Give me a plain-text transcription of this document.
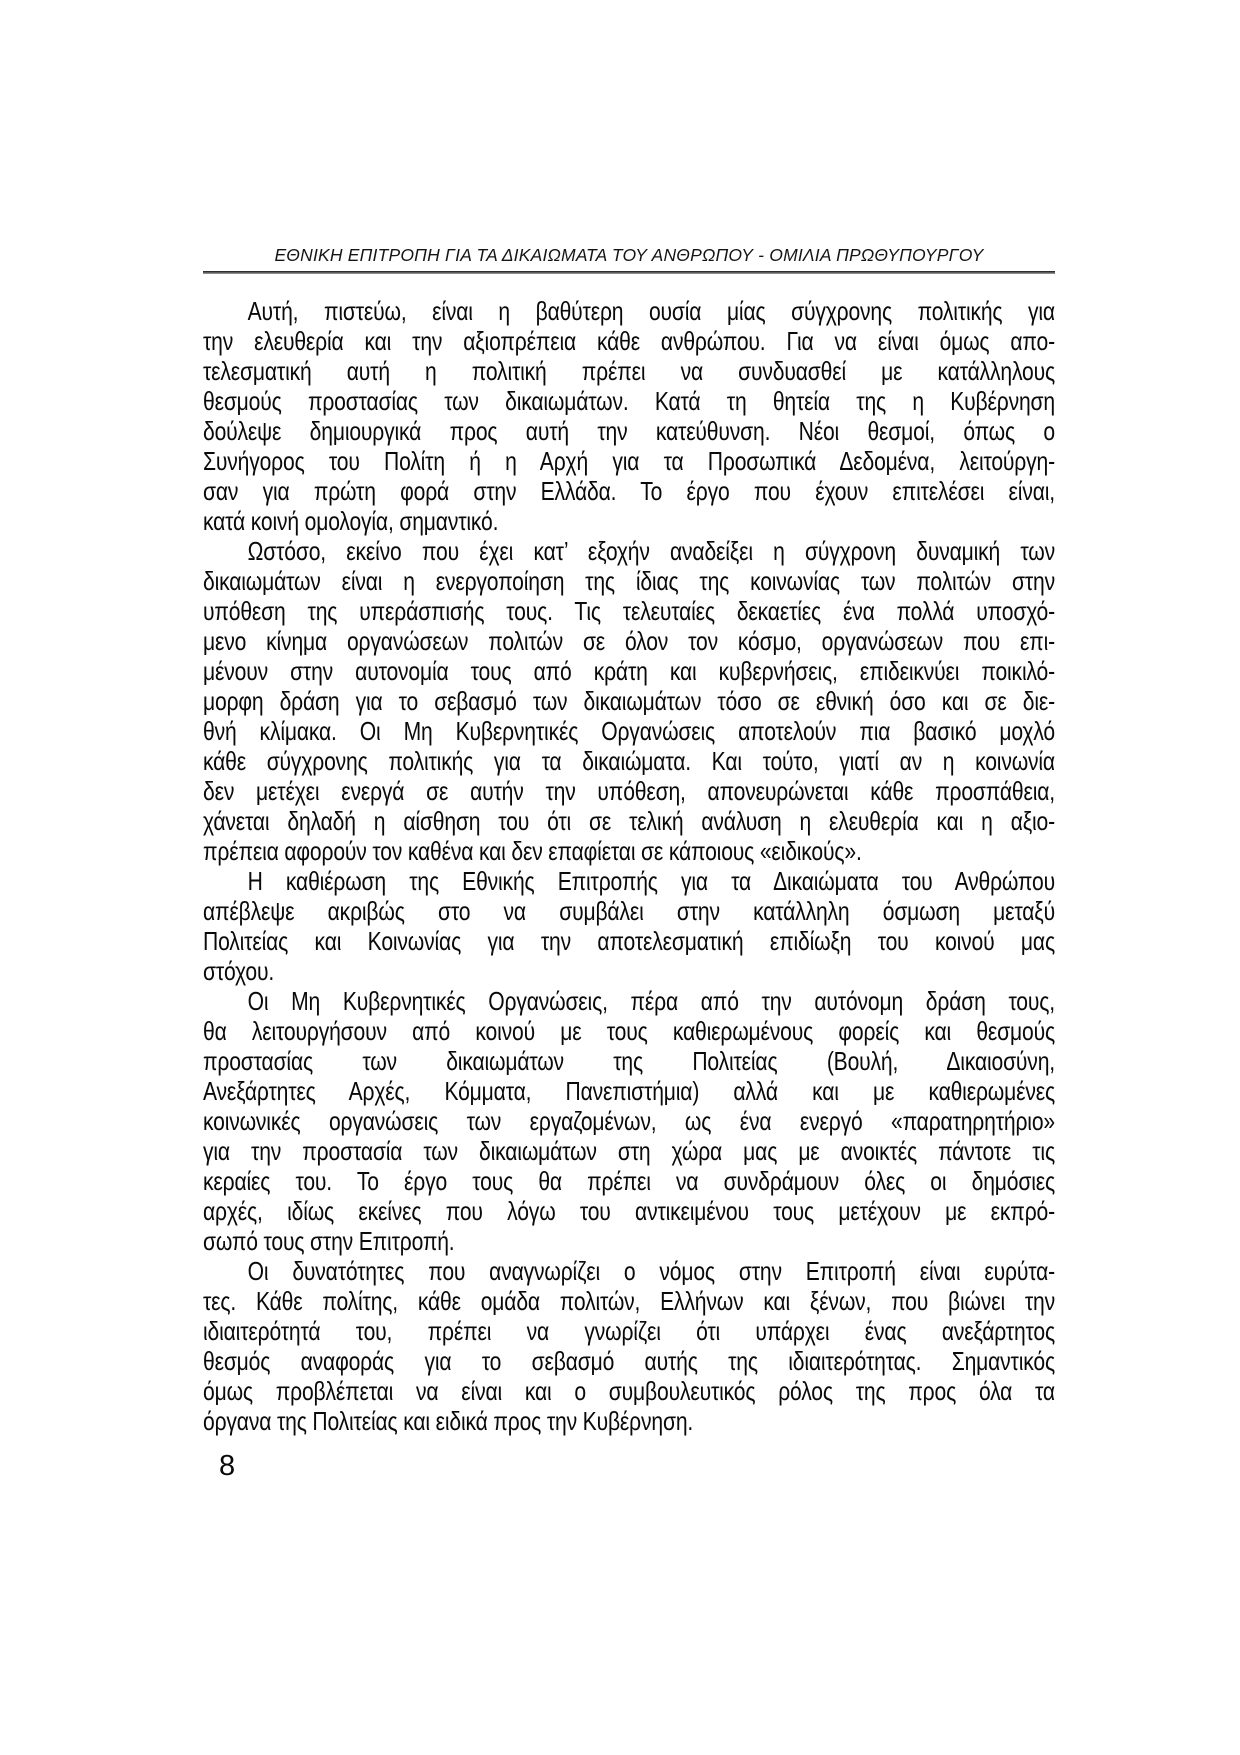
ΕΘΝΙΚΗ ΕΠΙΤΡΟΠΗ ΓΙΑ ΤΑ ΔΙΚΑΙΩΜΑΤΑ ΤΟΥ ΑΝΘΡΩΠΟΥ - ΟΜΙΛΙΑ ΠΡΩΘΥΠΟΥΡΓΟΥ
Αυτή, πιστεύω, είναι η βαθύτερη ουσία μίας σύγχρονης πολιτικής για
την ελευθερία και την αξιοπρέπεια κάθε ανθρώπου. Για να είναι όμως απο-
τελεσματική αυτή η πολιτική πρέπει να συνδυασθεί με κατάλληλους
θεσμούς προστασίας των δικαιωμάτων. Κατά τη θητεία της η Κυβέρνηση
δούλεψε δημιουργικά προς αυτή την κατεύθυνση. Νέοι θεσμοί, όπως ο
Συνήγορος του Πολίτη ή η Αρχή για τα Προσωπικά Δεδομένα, λειτούργη-
σαν για πρώτη φορά στην Ελλάδα. Το έργο που έχουν επιτελέσει είναι,
κατά κοινή ομολογία, σημαντικό.
Ωστόσο, εκείνο που έχει κατ’ εξοχήν αναδείξει η σύγχρονη δυναμική των
δικαιωμάτων είναι η ενεργοποίηση της ίδιας της κοινωνίας των πολιτών στην
υπόθεση της υπεράσπισής τους. Τις τελευταίες δεκαετίες ένα πολλά υποσχό-
μενο κίνημα οργανώσεων πολιτών σε όλον τον κόσμο, οργανώσεων που επι-
μένουν στην αυτονομία τους από κράτη και κυβερνήσεις, επιδεικνύει ποικιλό-
μορφη δράση για το σεβασμό των δικαιωμάτων τόσο σε εθνική όσο και σε διε-
θνή κλίμακα. Οι Μη Κυβερνητικές Οργανώσεις αποτελούν πια βασικό μοχλό
κάθε σύγχρονης πολιτικής για τα δικαιώματα. Και τούτο, γιατί αν η κοινωνία
δεν μετέχει ενεργά σε αυτήν την υπόθεση, απονευρώνεται κάθε προσπάθεια,
χάνεται δηλαδή η αίσθηση του ότι σε τελική ανάλυση η ελευθερία και η αξιο-
πρέπεια αφορούν τον καθένα και δεν επαφίεται σε κάποιους «ειδικούς».
Η καθιέρωση της Εθνικής Επιτροπής για τα Δικαιώματα του Ανθρώπου
απέβλεψε ακριβώς στο να συμβάλει στην κατάλληλη όσμωση μεταξύ
Πολιτείας και Κοινωνίας για την αποτελεσματική επιδίωξη του κοινού μας
στόχου.
Οι Μη Κυβερνητικές Οργανώσεις, πέρα από την αυτόνομη δράση τους,
θα λειτουργήσουν από κοινού με τους καθιερωμένους φορείς και θεσμούς
προστασίας των δικαιωμάτων της Πολιτείας (Βουλή, Δικαιοσύνη,
Ανεξάρτητες Αρχές, Κόμματα, Πανεπιστήμια) αλλά και με καθιερωμένες
κοινωνικές οργανώσεις των εργαζομένων, ως ένα ενεργό «παρατηρητήριο»
για την προστασία των δικαιωμάτων στη χώρα μας με ανοικτές πάντοτε τις
κεραίες του. Το έργο τους θα πρέπει να συνδράμουν όλες οι δημόσιες
αρχές, ιδίως εκείνες που λόγω του αντικειμένου τους μετέχουν με εκπρό-
σωπό τους στην Επιτροπή.
Οι δυνατότητες που αναγνωρίζει ο νόμος στην Επιτροπή είναι ευρύτα-
τες. Κάθε πολίτης, κάθε ομάδα πολιτών, Ελλήνων και ξένων, που βιώνει την
ιδιαιτερότητά του, πρέπει να γνωρίζει ότι υπάρχει ένας ανεξάρτητος
θεσμός αναφοράς για το σεβασμό αυτής της ιδιαιτερότητας. Σημαντικός
όμως προβλέπεται να είναι και ο συμβουλευτικός ρόλος της προς όλα τα
όργανα της Πολιτείας και ειδικά προς την Κυβέρνηση.
8
